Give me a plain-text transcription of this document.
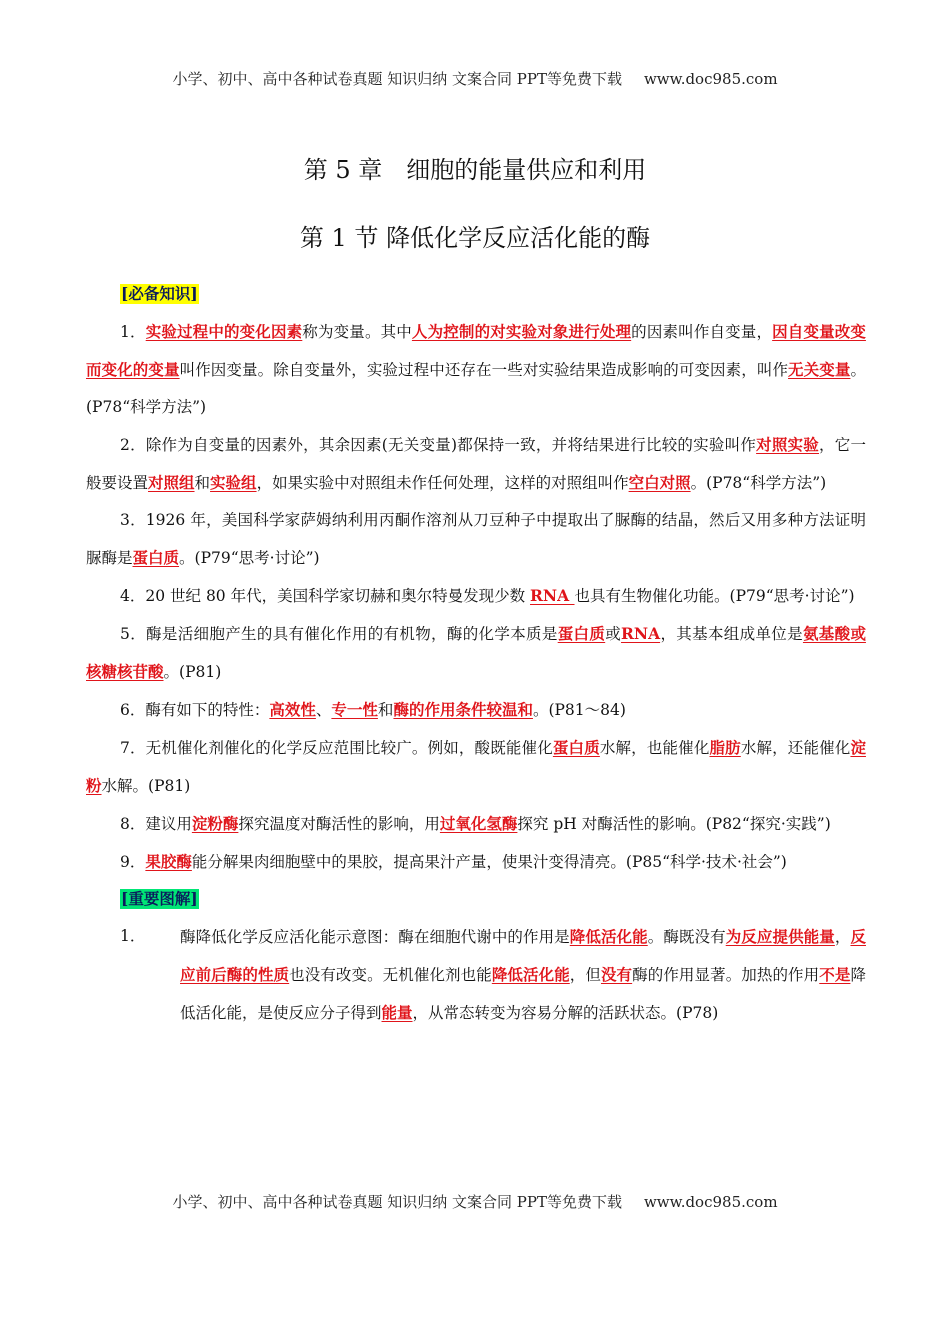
小学、初中、高中各种试卷真题 知识归纳 文案合同 PPT等免费下载 www.doc985.com
第 5 章　细胞的能量供应和利用
第 1 节 降低化学反应活化能的酶
[必备知识]

1．实验过程中的变化因素称为变量。其中人为控制的对实验对象进行处理的因素叫作自变量，因自变量改变而变化的变量叫作因变量。除自变量外，实验过程中还存在一些对实验结果造成影响的可变因素，叫作无关变量。(P78“科学方法”)

2．除作为自变量的因素外，其余因素(无关变量)都保持一致，并将结果进行比较的实验叫作对照实验，它一般要设置对照组和实验组，如果实验中对照组未作任何处理，这样的对照组叫作空白对照。(P78“科学方法”)

3．1926 年，美国科学家萨姆纳利用丙酮作溶剂从刀豆种子中提取出了脲酶的结晶，然后又用多种方法证明脲酶是蛋白质。(P79“思考·讨论”)

4．20 世纪 80 年代，美国科学家切赫和奥尔特曼发现少数 RNA 也具有生物催化功能。(P79“思考·讨论”)

5．酶是活细胞产生的具有催化作用的有机物，酶的化学本质是蛋白质或RNA，其基本组成单位是氨基酸或核糖核苷酸。(P81)

6．酶有如下的特性：高效性、专一性和酶的作用条件较温和。(P81～84)

7．无机催化剂催化的化学反应范围比较广。例如，酸既能催化蛋白质水解，也能催化脂肪水解，还能催化淀粉水解。(P81)

8．建议用淀粉酶探究温度对酶活性的影响，用过氧化氢酶探究 pH 对酶活性的影响。(P82“探究·实践”)

9．果胶酶能分解果肉细胞壁中的果胶，提高果汁产量，使果汁变得清亮。(P85“科学·技术·社会”)

[重要图解]
1． 酶降低化学反应活化能示意图：酶在细胞代谢中的作用是降低活化能。酶既没有为反应提供能量，反应前后酶的性质也没有改变。无机催化剂也能降低活化能，但没有酶的作用显著。加热的作用不是降低活化能，是使反应分子得到能量，从常态转变为容易分解的活跃状态。(P78)
小学、初中、高中各种试卷真题 知识归纳 文案合同 PPT等免费下载 www.doc985.com
